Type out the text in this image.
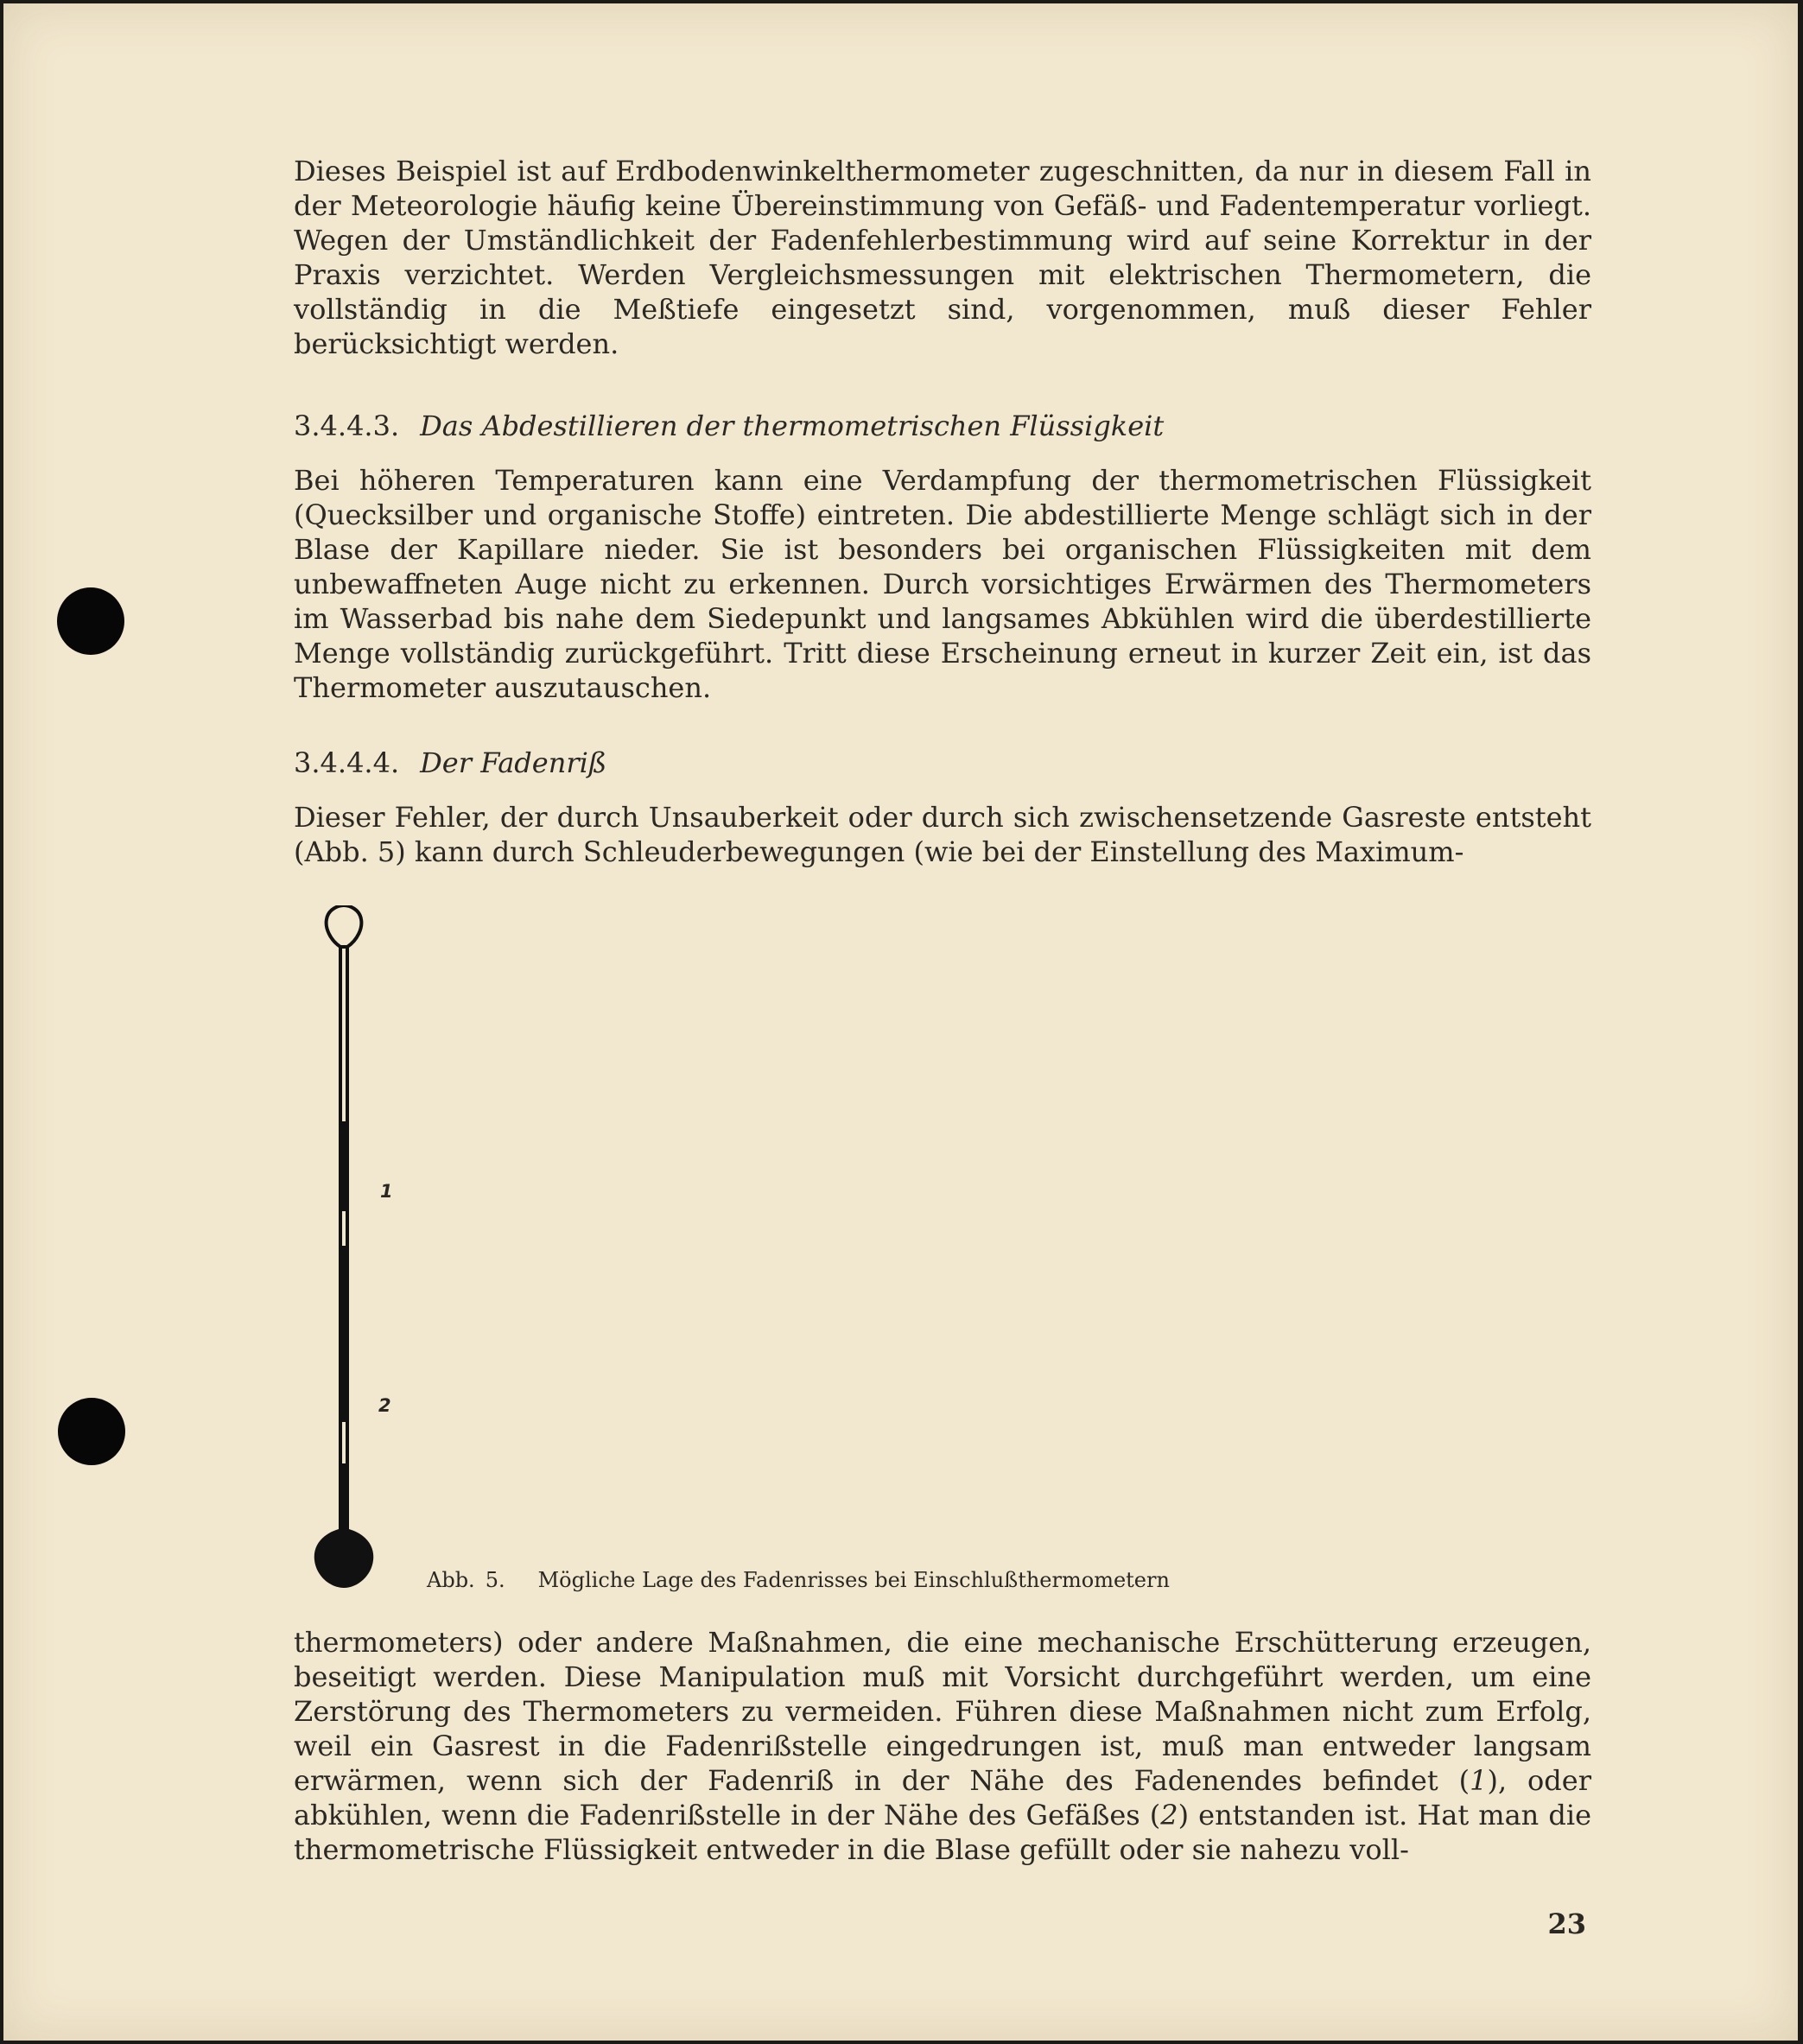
Dieses Beispiel ist auf Erdbodenwinkelthermometer zugeschnitten, da nur in diesem Fall in der Meteorologie häufig keine Übereinstimmung von Gefäß- und Fadentemperatur vorliegt. Wegen der Umständlichkeit der Fadenfehlerbestimmung wird auf seine Korrektur in der Praxis verzichtet. Werden Vergleichsmessungen mit elektrischen Thermometern, die vollständig in die Meßtiefe eingesetzt sind, vorgenommen, muß dieser Fehler berücksichtigt werden.

3.4.4.3. Das Abdestillieren der thermometrischen Flüssigkeit

Bei höheren Temperaturen kann eine Verdampfung der thermometrischen Flüssigkeit (Quecksilber und organische Stoffe) eintreten. Die abdestillierte Menge schlägt sich in der Blase der Kapillare nieder. Sie ist besonders bei organischen Flüssigkeiten mit dem unbewaffneten Auge nicht zu erkennen. Durch vorsichtiges Erwärmen des Thermometers im Wasserbad bis nahe dem Siedepunkt und langsames Abkühlen wird die überdestillierte Menge vollständig zurückgeführt. Tritt diese Erscheinung erneut in kurzer Zeit ein, ist das Thermometer auszutauschen.

3.4.4.4. Der Fadenriß

Dieser Fehler, der durch Unsauberkeit oder durch sich zwischensetzende Gasreste entsteht (Abb. 5) kann durch Schleuderbewegungen (wie bei der Einstellung des Maximum-

1
2
Abb. 5. Mögliche Lage des Fadenrisses bei Einschlußthermometern

thermometers) oder andere Maßnahmen, die eine mechanische Erschütterung erzeugen, beseitigt werden. Diese Manipulation muß mit Vorsicht durchgeführt werden, um eine Zerstörung des Thermometers zu vermeiden. Führen diese Maßnahmen nicht zum Erfolg, weil ein Gasrest in die Fadenrißstelle eingedrungen ist, muß man entweder langsam erwärmen, wenn sich der Fadenriß in der Nähe des Fadenendes befindet (1), oder abkühlen, wenn die Fadenrißstelle in der Nähe des Gefäßes (2) entstanden ist. Hat man die thermometrische Flüssigkeit entweder in die Blase gefüllt oder sie nahezu voll-

23
